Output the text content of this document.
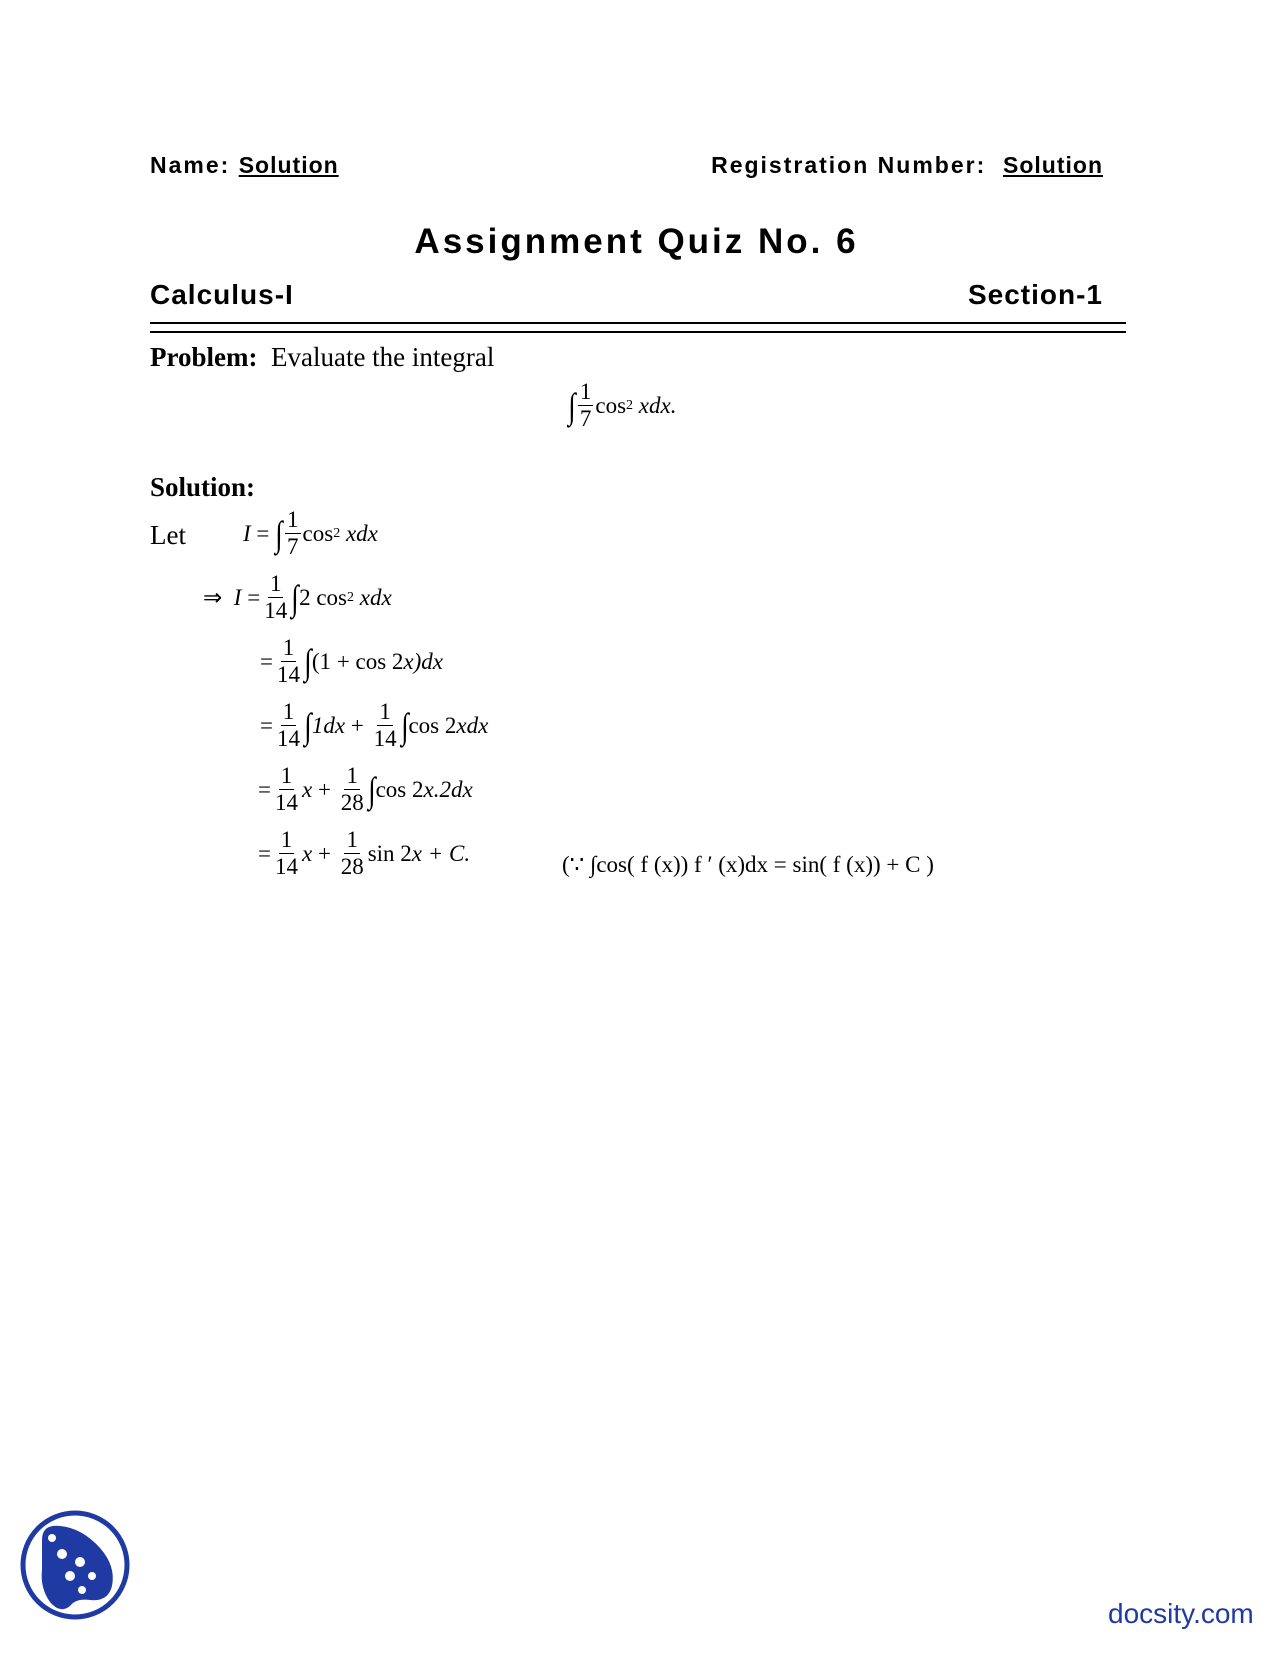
Name: Solution	Registration Number: Solution
Assignment Quiz No. 6
Calculus-I	Section-1
Problem: Evaluate the integral
∫ $\frac{1}{7}$ cos 2
xdx.
Solution:
Let I
=
∫ $\frac{1}{7}$ cos 2
xdx
⇒
I
= $\frac{1}{14}$ ∫ 2 cos 2
xdx
= $\frac{1}{14}$ ∫ (1 + cos 2 x )dx
= $\frac{1}{14}$ ∫ 1dx
+
$\frac{1}{14}$ ∫ cos 2 xdx
= $\frac{1}{14}$ x
+
$\frac{1}{28}$ ∫ cos 2 x.2dx
= $\frac{1}{14}$ x
+
$\frac{1}{28}$ sin 2 x
+ C.	(∵ ∫cos( f (x)) f ′ (x)dx = sin( f (x)) + C )
docsity.com
